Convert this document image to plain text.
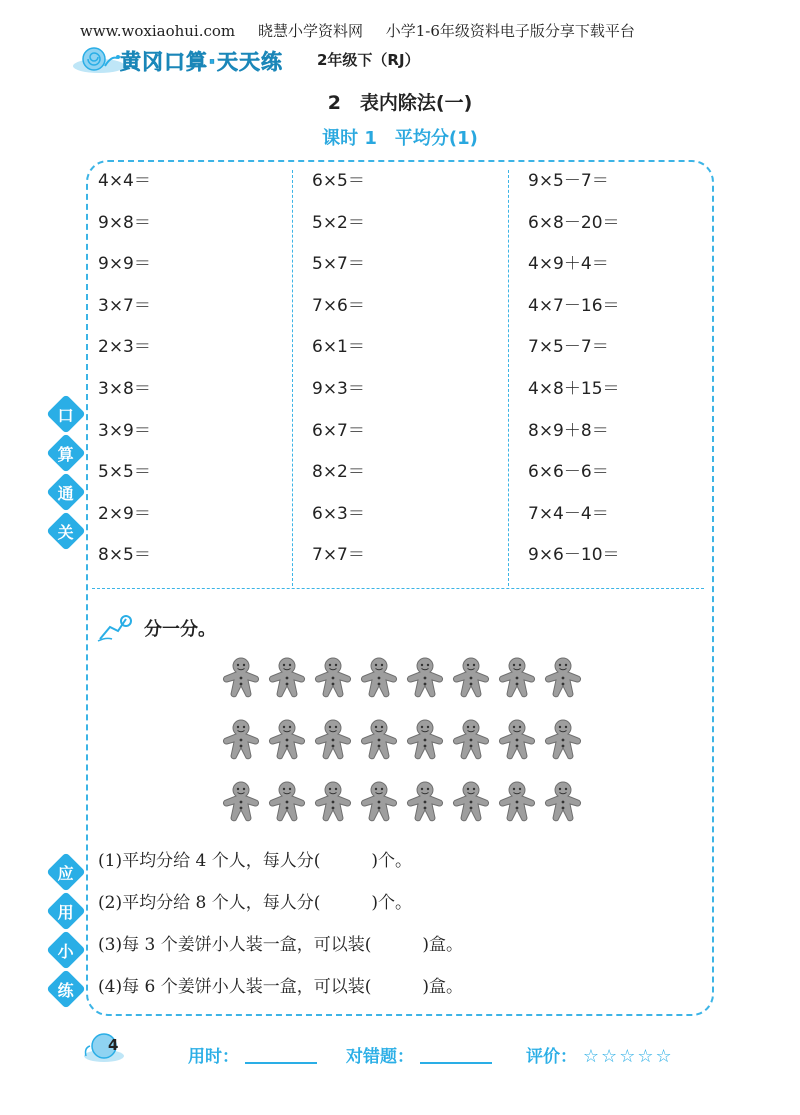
www.woxiaohui.com 晓慧小学资料网 小学1-6年级资料电子版分享下载平台
黄冈口算·天天练 2年级下（RJ）
2　表内除法(一)
课时 1　平均分(1)
4×4＝
9×8＝
9×9＝
3×7＝
2×3＝
3×8＝
3×9＝
5×5＝
2×9＝
8×5＝
6×5＝
5×2＝
5×7＝
7×6＝
6×1＝
9×3＝
6×7＝
8×2＝
6×3＝
7×7＝
9×5－7＝
6×8－20＝
4×9＋4＝
4×7－16＝
7×5－7＝
4×8＋15＝
8×9＋8＝
6×6－6＝
7×4－4＝
9×6－10＝
口
算
通
关
应
用
小
练
分一分。
(1)平均分给 4 个人，每人分(　　　)个。
(2)平均分给 8 个人，每人分(　　　)个。
(3)每 3 个姜饼小人装一盒，可以装(　　　)盒。
(4)每 6 个姜饼小人装一盒，可以装(　　　)盒。
4
用时：	对错题：	评价： ☆☆☆☆☆
